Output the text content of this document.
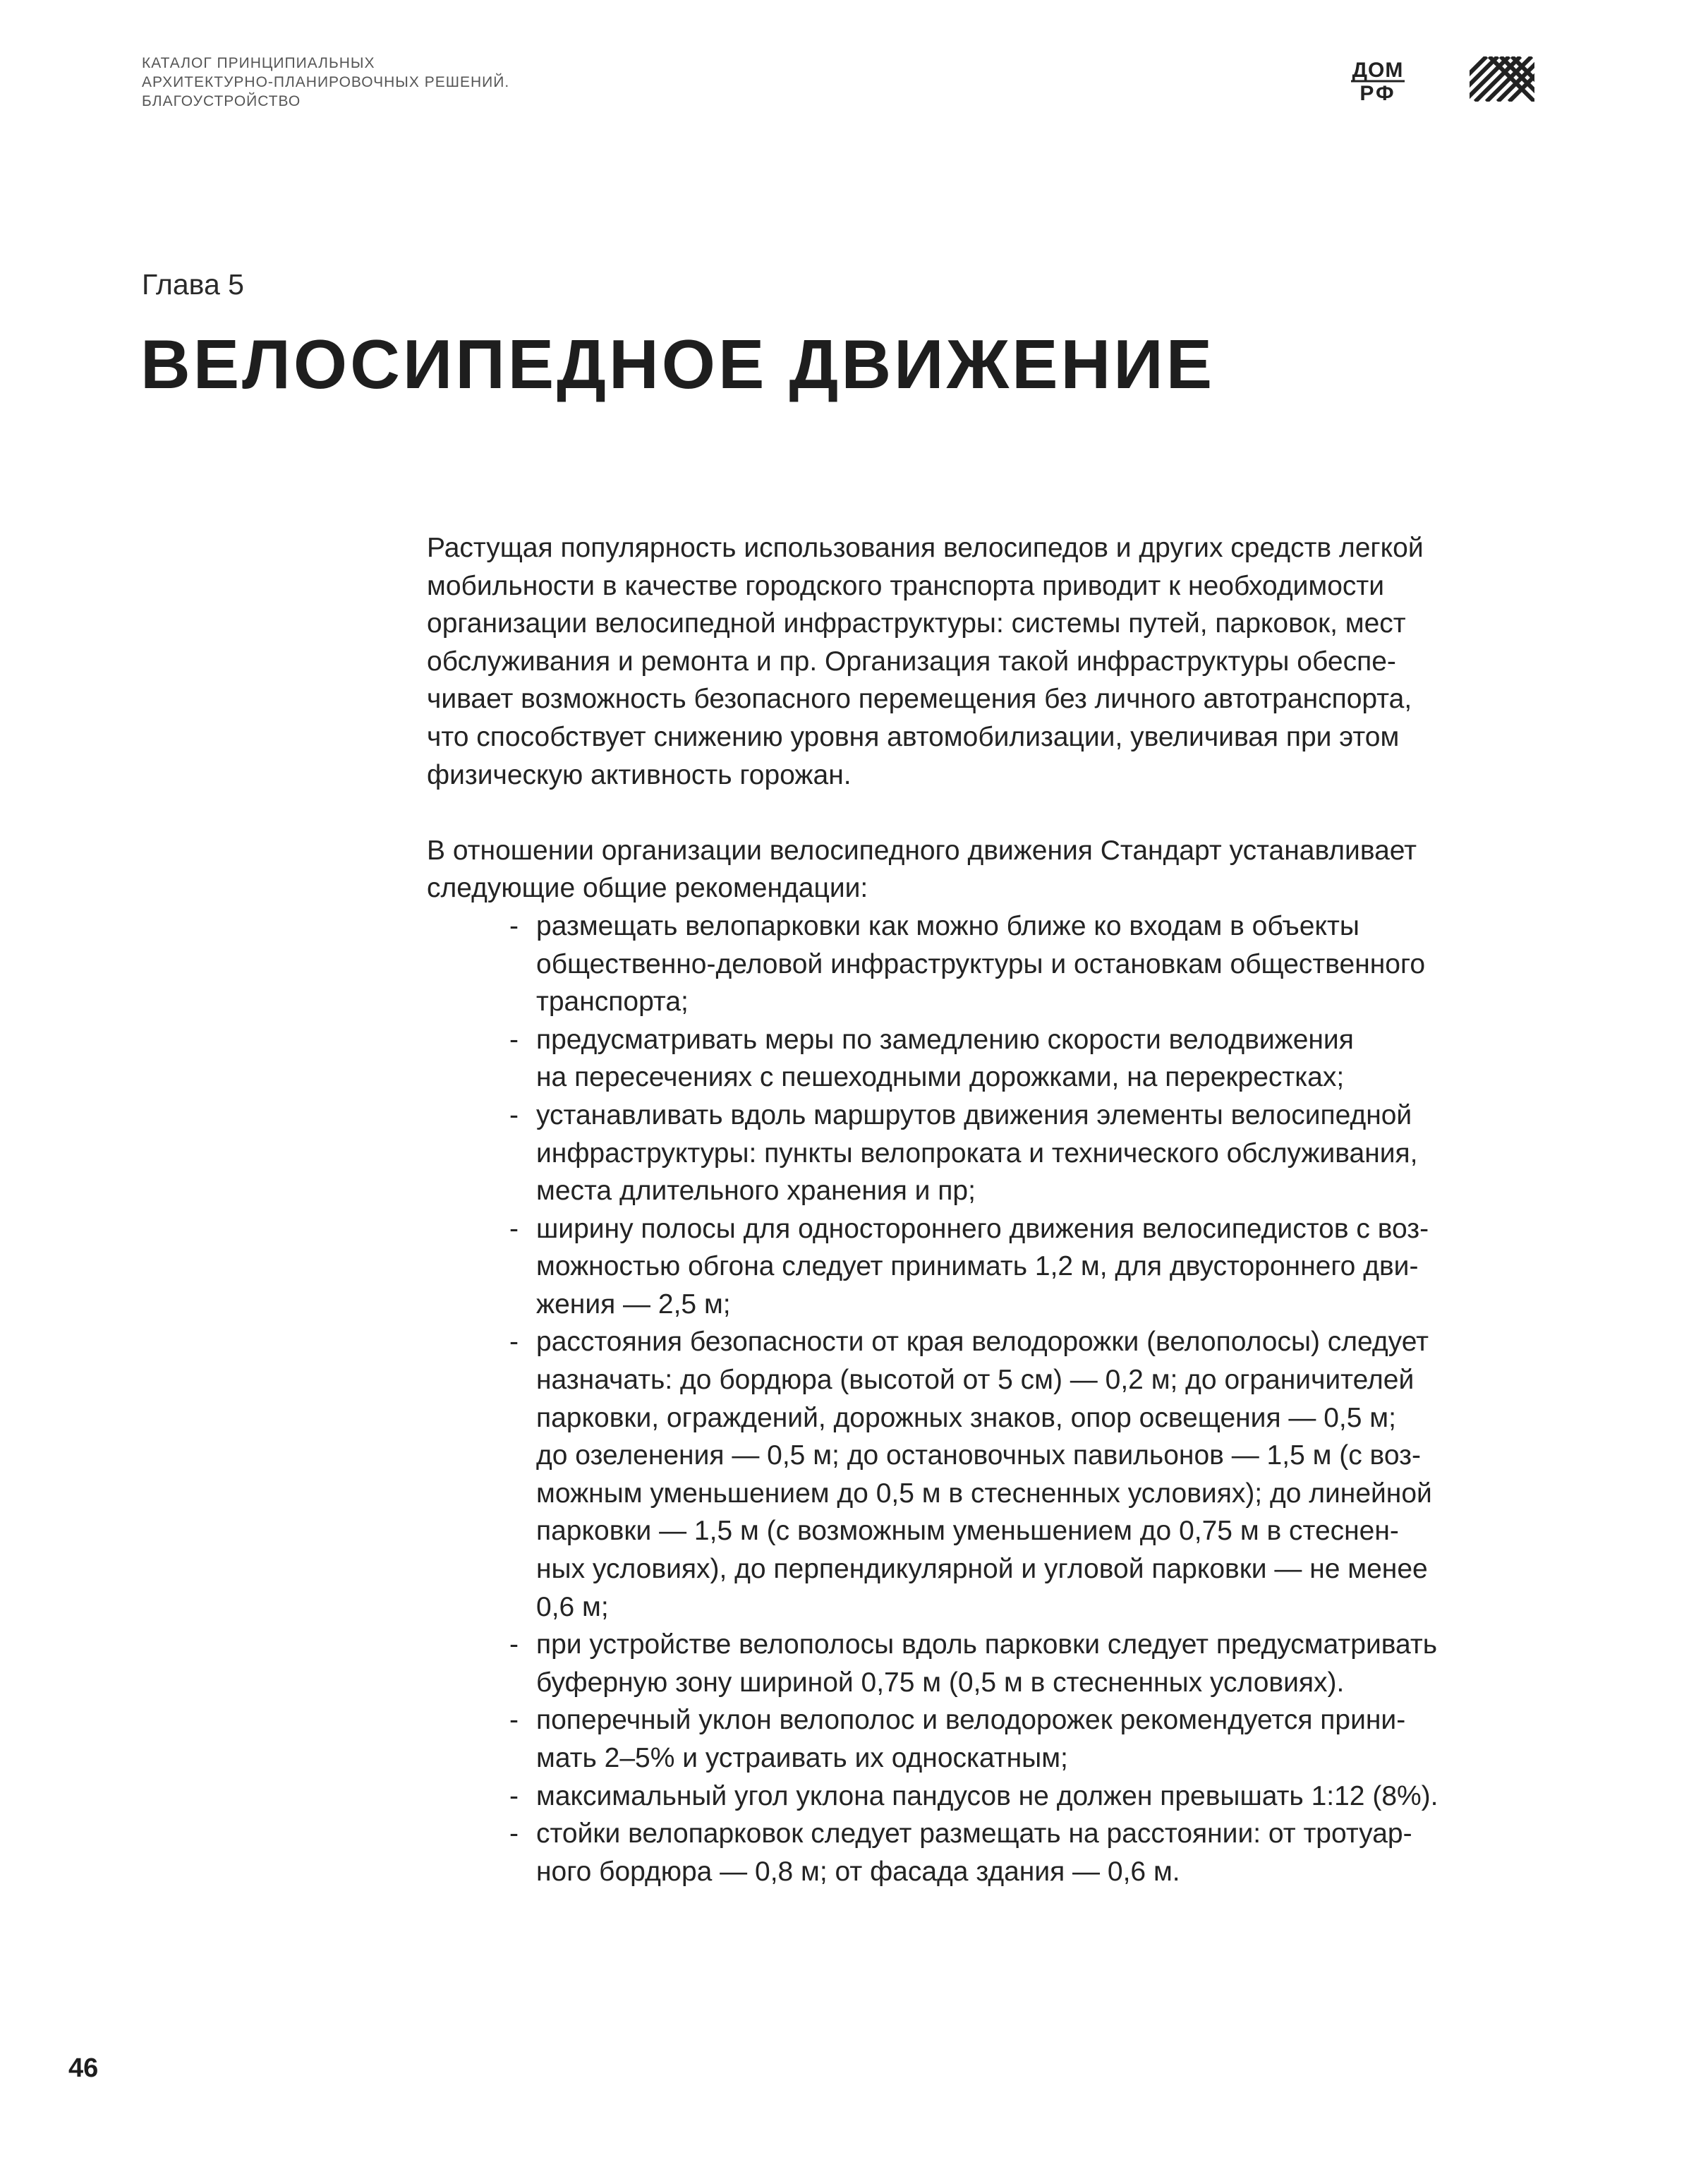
КАТАЛОГ ПРИНЦИПИАЛЬНЫХ
АРХИТЕКТУРНО-ПЛАНИРОВОЧНЫХ РЕШЕНИЙ.
БЛАГОУСТРОЙСТВО
ДОМ
РФ
Глава 5
ВЕЛОСИПЕДНОЕ ДВИЖЕНИЕ

Растущая популярность использования велосипедов и других средств легкой
мобильности в качестве городского транспорта приводит к необходимости
организации велосипедной инфраструктуры: системы путей, парковок, мест
обслуживания и ремонта и пр. Организация такой инфраструктуры обеспе-
чивает возможность безопасного перемещения без личного автотранспорта,
что способствует снижению уровня автомобилизации, увеличивая при этом
физическую активность горожан.

В отношении организации велосипедного движения Стандарт устанавливает
следующие общие рекомендации:

- размещать велопарковки как можно ближе ко входам в объекты
общественно-деловой инфраструктуры и остановкам общественного
транспорта;
- предусматривать меры по замедлению скорости велодвижения
на пересечениях с пешеходными дорожками, на перекрестках;
- устанавливать вдоль маршрутов движения элементы велосипедной
инфраструктуры: пункты велопроката и технического обслуживания,
места длительного хранения и пр;
- ширину полосы для одностороннего движения велосипедистов с воз-
можностью обгона следует принимать 1,2 м, для двустороннего дви-
жения — 2,5 м;
- расстояния безопасности от края велодорожки (велополосы) следует
назначать: до бордюра (высотой от 5 см) — 0,2 м; до ограничителей
парковки, ограждений, дорожных знаков, опор освещения — 0,5 м;
до озеленения — 0,5 м; до остановочных павильонов — 1,5 м (с воз-
можным уменьшением до 0,5 м в стесненных условиях); до линейной
парковки — 1,5 м (с возможным уменьшением до 0,75 м в стеснен-
ных условиях), до перпендикулярной и угловой парковки — не менее
0,6 м;
- при устройстве велополосы вдоль парковки следует предусматривать
буферную зону шириной 0,75 м (0,5 м в стесненных условиях).
- поперечный уклон велополос и велодорожек рекомендуется прини-
мать 2–5% и устраивать их односкатным;
- максимальный угол уклона пандусов не должен превышать 1:12 (8%).
- стойки велопарковок следует размещать на расстоянии: от тротуар-
ного бордюра — 0,8 м; от фасада здания — 0,6 м.
46
